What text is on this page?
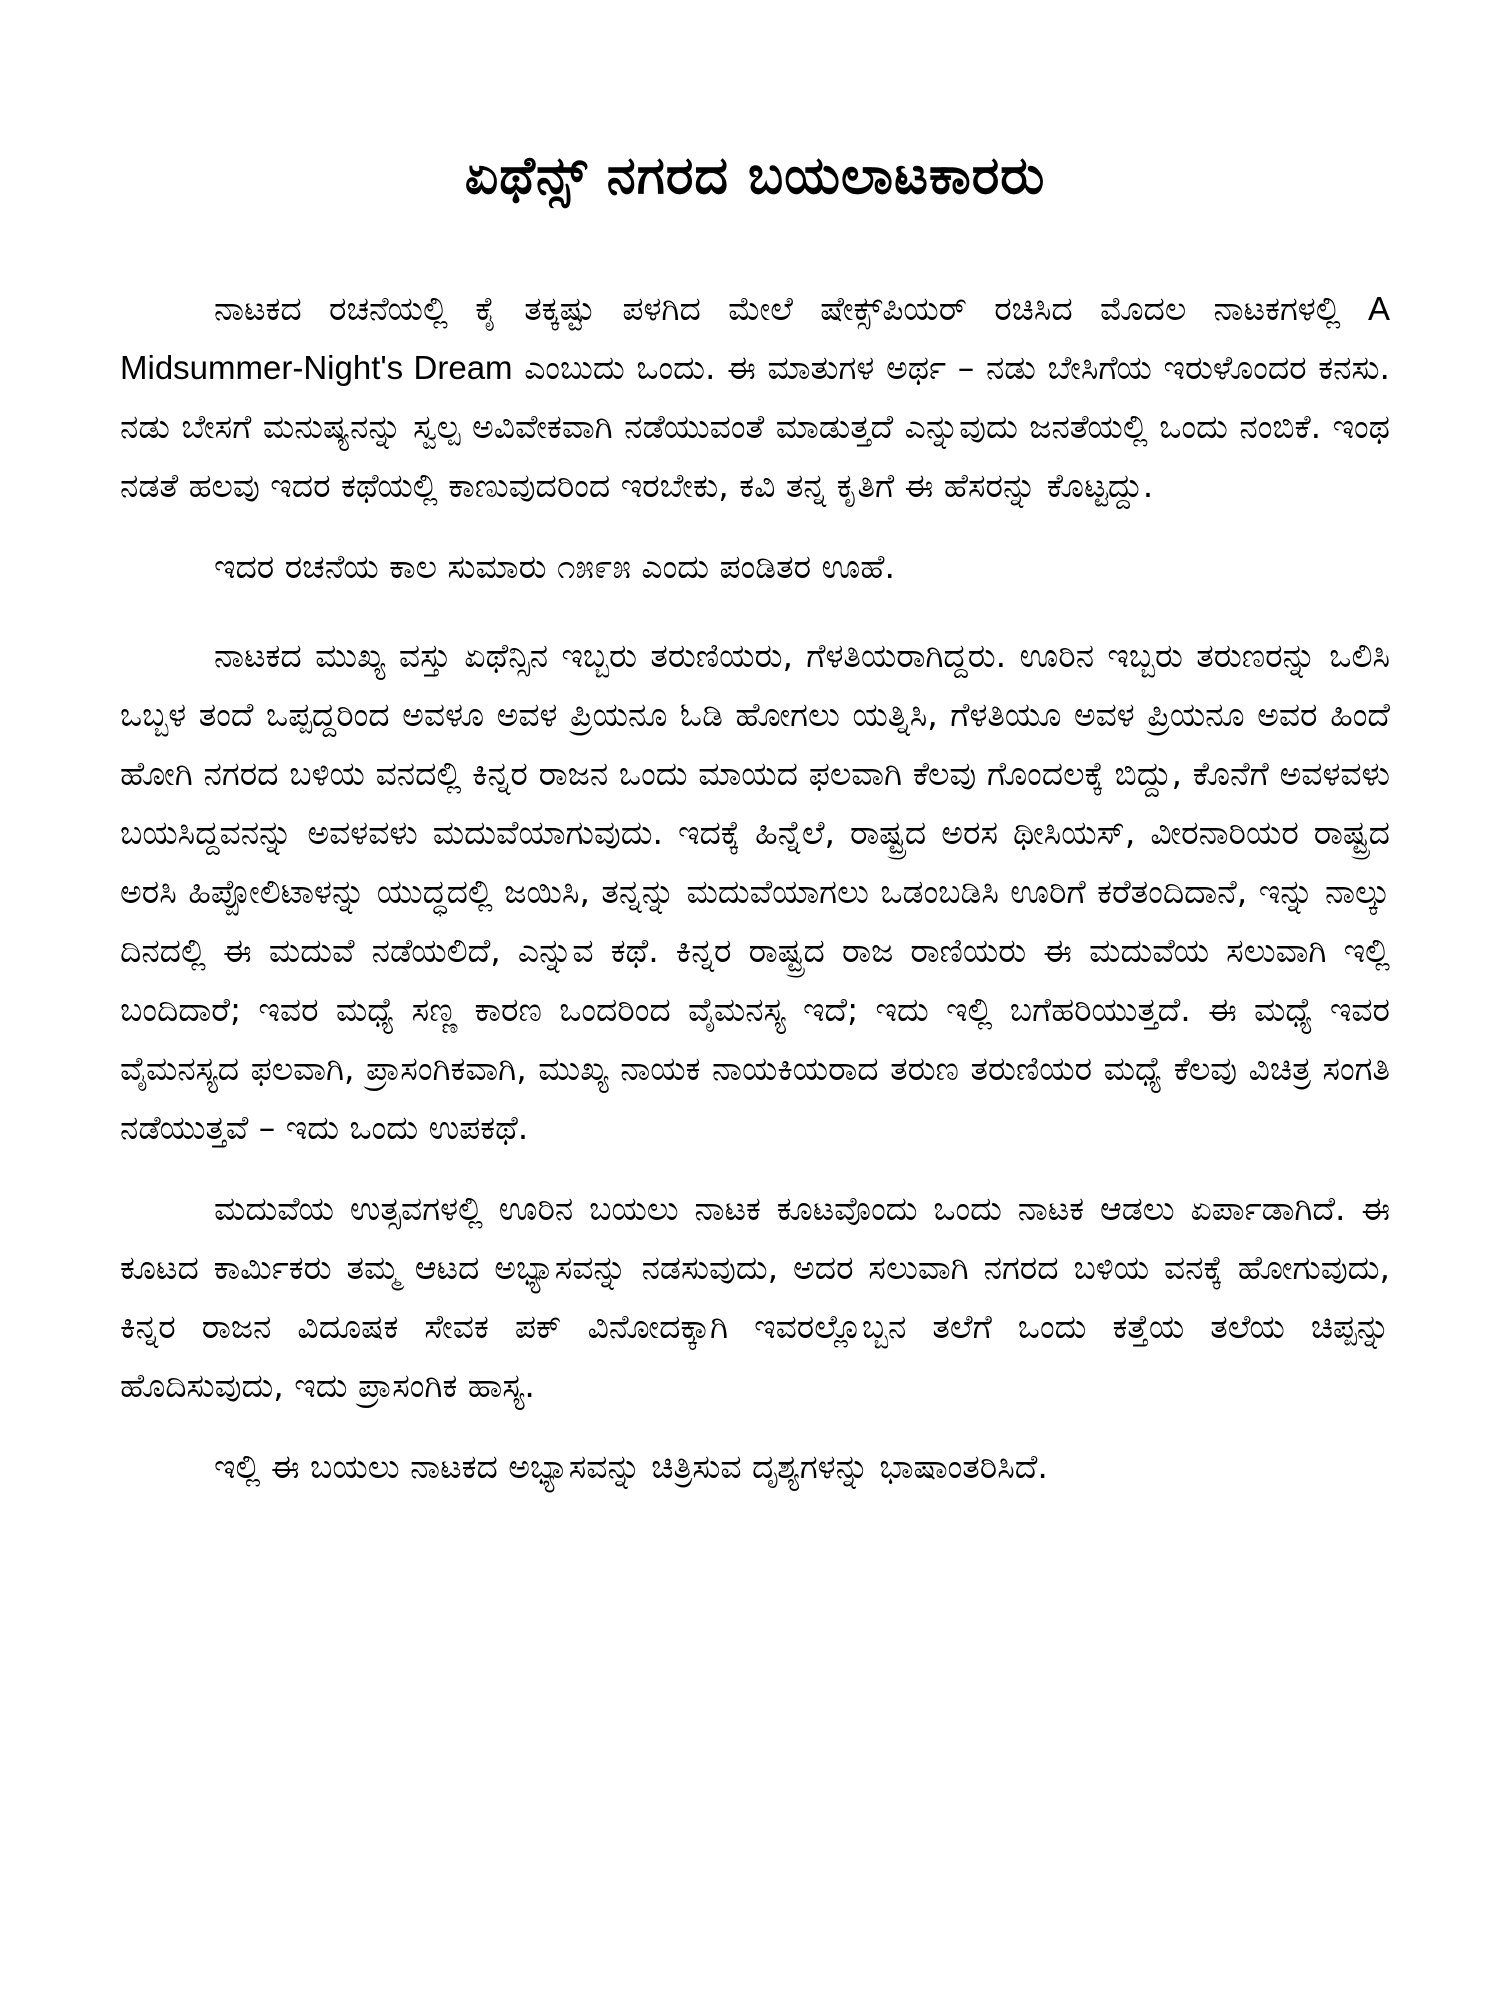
ಏಥೆನ್ಸ್ ನಗರದ ಬಯಲಾಟಕಾರರು

ನಾಟಕದ ರಚನೆಯಲ್ಲಿ ಕೈ ತಕ್ಕಷ್ಟು ಪಳಗಿದ ಮೇಲೆ ಷೇಕ್ಸ್‌ಪಿಯರ್ ರಚಿಸಿದ ಮೊದಲ ನಾಟಕಗಳಲ್ಲಿ A Midsummer-Night's Dream ಎಂಬುದು ಒಂದು. ಈ ಮಾತುಗಳ ಅರ್ಥ – ನಡು ಬೇಸಿಗೆಯ ಇರುಳೊಂದರ ಕನಸು. ನಡು ಬೇಸಗೆ ಮನುಷ್ಯನನ್ನು ಸ್ವಲ್ಪ ಅವಿವೇಕವಾಗಿ ನಡೆಯುವಂತೆ ಮಾಡುತ್ತದೆ ಎನ್ನುವುದು ಜನತೆಯಲ್ಲಿ ಒಂದು ನಂಬಿಕೆ. ಇಂಥ ನಡತೆ ಹಲವು ಇದರ ಕಥೆಯಲ್ಲಿ ಕಾಣುವುದರಿಂದ ಇರಬೇಕು, ಕವಿ ತನ್ನ ಕೃತಿಗೆ ಈ ಹೆಸರನ್ನು ಕೊಟ್ಟದ್ದು.

ಇದರ ರಚನೆಯ ಕಾಲ ಸುಮಾರು ೧೫೯೫ ಎಂದು ಪಂಡಿತರ ಊಹೆ.

ನಾಟಕದ ಮುಖ್ಯ ವಸ್ತು ಏಥೆನ್ಸಿನ ಇಬ್ಬರು ತರುಣಿಯರು, ಗೆಳತಿಯರಾಗಿದ್ದರು. ಊರಿನ ಇಬ್ಬರು ತರುಣರನ್ನು ಒಲಿಸಿ ಒಬ್ಬಳ ತಂದೆ ಒಪ್ಪದ್ದರಿಂದ ಅವಳೂ ಅವಳ ಪ್ರಿಯನೂ ಓಡಿ ಹೋಗಲು ಯತ್ನಿಸಿ, ಗೆಳತಿಯೂ ಅವಳ ಪ್ರಿಯನೂ ಅವರ ಹಿಂದೆ ಹೋಗಿ ನಗರದ ಬಳಿಯ ವನದಲ್ಲಿ ಕಿನ್ನರ ರಾಜನ ಒಂದು ಮಾಯದ ಫಲವಾಗಿ ಕೆಲವು ಗೊಂದಲಕ್ಕೆ ಬಿದ್ದು, ಕೊನೆಗೆ ಅವಳವಳು ಬಯಸಿದ್ದವನನ್ನು ಅವಳವಳು ಮದುವೆಯಾಗುವುದು. ಇದಕ್ಕೆ ಹಿನ್ನೆಲೆ, ರಾಷ್ಟ್ರದ ಅರಸ ಥೀಸಿಯಸ್, ವೀರನಾರಿಯರ ರಾಷ್ಟ್ರದ ಅರಸಿ ಹಿಪ್ಪೋಲಿಟಾಳನ್ನು ಯುದ್ಧದಲ್ಲಿ ಜಯಿಸಿ, ತನ್ನನ್ನು ಮದುವೆಯಾಗಲು ಒಡಂಬಡಿಸಿ ಊರಿಗೆ ಕರೆತಂದಿದಾನೆ, ಇನ್ನು ನಾಲ್ಕು ದಿನದಲ್ಲಿ ಈ ಮದುವೆ ನಡೆಯಲಿದೆ, ಎನ್ನುವ ಕಥೆ. ಕಿನ್ನರ ರಾಷ್ಟ್ರದ ರಾಜ ರಾಣಿಯರು ಈ ಮದುವೆಯ ಸಲುವಾಗಿ ಇಲ್ಲಿ ಬಂದಿದಾರೆ; ಇವರ ಮಧ್ಯೆ ಸಣ್ಣ ಕಾರಣ ಒಂದರಿಂದ ವೈಮನಸ್ಯ ಇದೆ; ಇದು ಇಲ್ಲಿ ಬಗೆಹರಿಯುತ್ತದೆ. ಈ ಮಧ್ಯೆ ಇವರ ವೈಮನಸ್ಯದ ಫಲವಾಗಿ, ಪ್ರಾಸಂಗಿಕವಾಗಿ, ಮುಖ್ಯ ನಾಯಕ ನಾಯಕಿಯರಾದ ತರುಣ ತರುಣಿಯರ ಮಧ್ಯೆ ಕೆಲವು ವಿಚಿತ್ರ ಸಂಗತಿ ನಡೆಯುತ್ತವೆ – ಇದು ಒಂದು ಉಪಕಥೆ.

ಮದುವೆಯ ಉತ್ಸವಗಳಲ್ಲಿ ಊರಿನ ಬಯಲು ನಾಟಕ ಕೂಟವೊಂದು ಒಂದು ನಾಟಕ ಆಡಲು ಏರ್ಪಾಡಾಗಿದೆ. ಈ ಕೂಟದ ಕಾರ್ಮಿಕರು ತಮ್ಮ ಆಟದ ಅಭ್ಯಾಸವನ್ನು ನಡಸುವುದು, ಅದರ ಸಲುವಾಗಿ ನಗರದ ಬಳಿಯ ವನಕ್ಕೆ ಹೋಗುವುದು, ಕಿನ್ನರ ರಾಜನ ವಿದೂಷಕ ಸೇವಕ ಪಕ್ ವಿನೋದಕ್ಕಾಗಿ ಇವರಲ್ಲೊಬ್ಬನ ತಲೆಗೆ ಒಂದು ಕತ್ತೆಯ ತಲೆಯ ಚಿಪ್ಪನ್ನು ಹೊದಿಸುವುದು, ಇದು ಪ್ರಾಸಂಗಿಕ ಹಾಸ್ಯ.

ಇಲ್ಲಿ ಈ ಬಯಲು ನಾಟಕದ ಅಭ್ಯಾಸವನ್ನು ಚಿತ್ರಿಸುವ ದೃಶ್ಯಗಳನ್ನು ಭಾಷಾಂತರಿಸಿದೆ.
